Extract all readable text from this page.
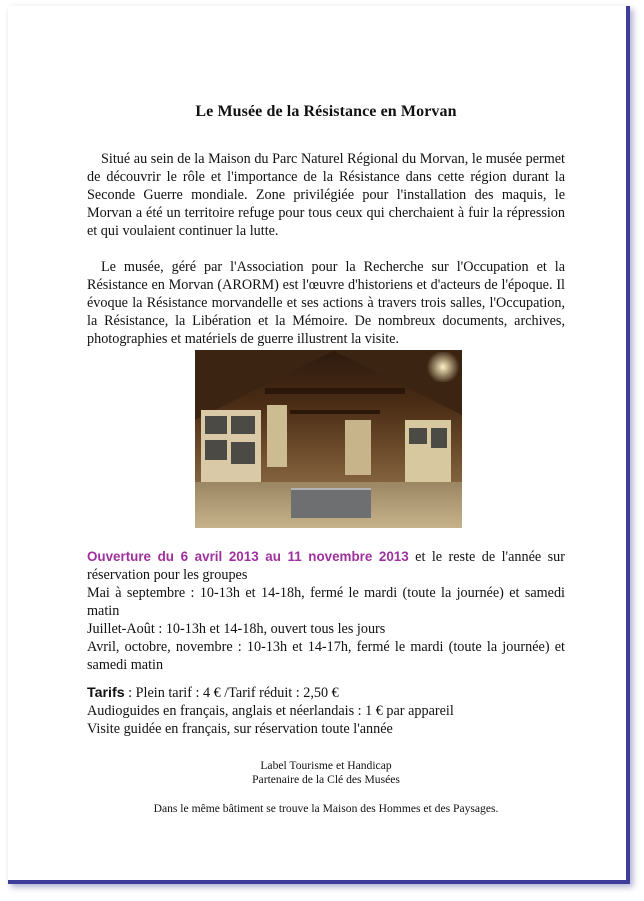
Le Musée de la Résistance en Morvan

Situé au sein de la Maison du Parc Naturel Régional du Morvan, le musée permet de découvrir le rôle et l'importance de la Résistance dans cette région durant la Seconde Guerre mondiale. Zone privilégiée pour l'installation des maquis, le Morvan a été un territoire refuge pour tous ceux qui cherchaient à fuir la répression et qui voulaient continuer la lutte.

Le musée, géré par l'Association pour la Recherche sur l'Occupation et la Résistance en Morvan (ARORM) est l'œuvre d'historiens et d'acteurs de l'époque. Il évoque la Résistance morvandelle et ses actions à travers trois salles, l'Occupation, la Résistance, la Libération et la Mémoire. De nombreux documents, archives, photographies et matériels de guerre illustrent la visite.

Ouverture du 6 avril 2013 au 11 novembre 2013 et le reste de l'année sur réservation pour les groupes

Mai à septembre : 10-13h et 14-18h, fermé le mardi (toute la journée) et samedi matin

Juillet-Août : 10-13h et 14-18h, ouvert tous les jours

Avril, octobre, novembre : 10-13h et 14-17h, fermé le mardi (toute la journée) et samedi matin

Tarifs : Plein tarif : 4 € /Tarif réduit : 2,50 €

Audioguides en français, anglais et néerlandais : 1 € par appareil

Visite guidée en français, sur réservation toute l'année

Label Tourisme et Handicap

Partenaire de la Clé des Musées

Dans le même bâtiment se trouve la Maison des Hommes et des Paysages.
